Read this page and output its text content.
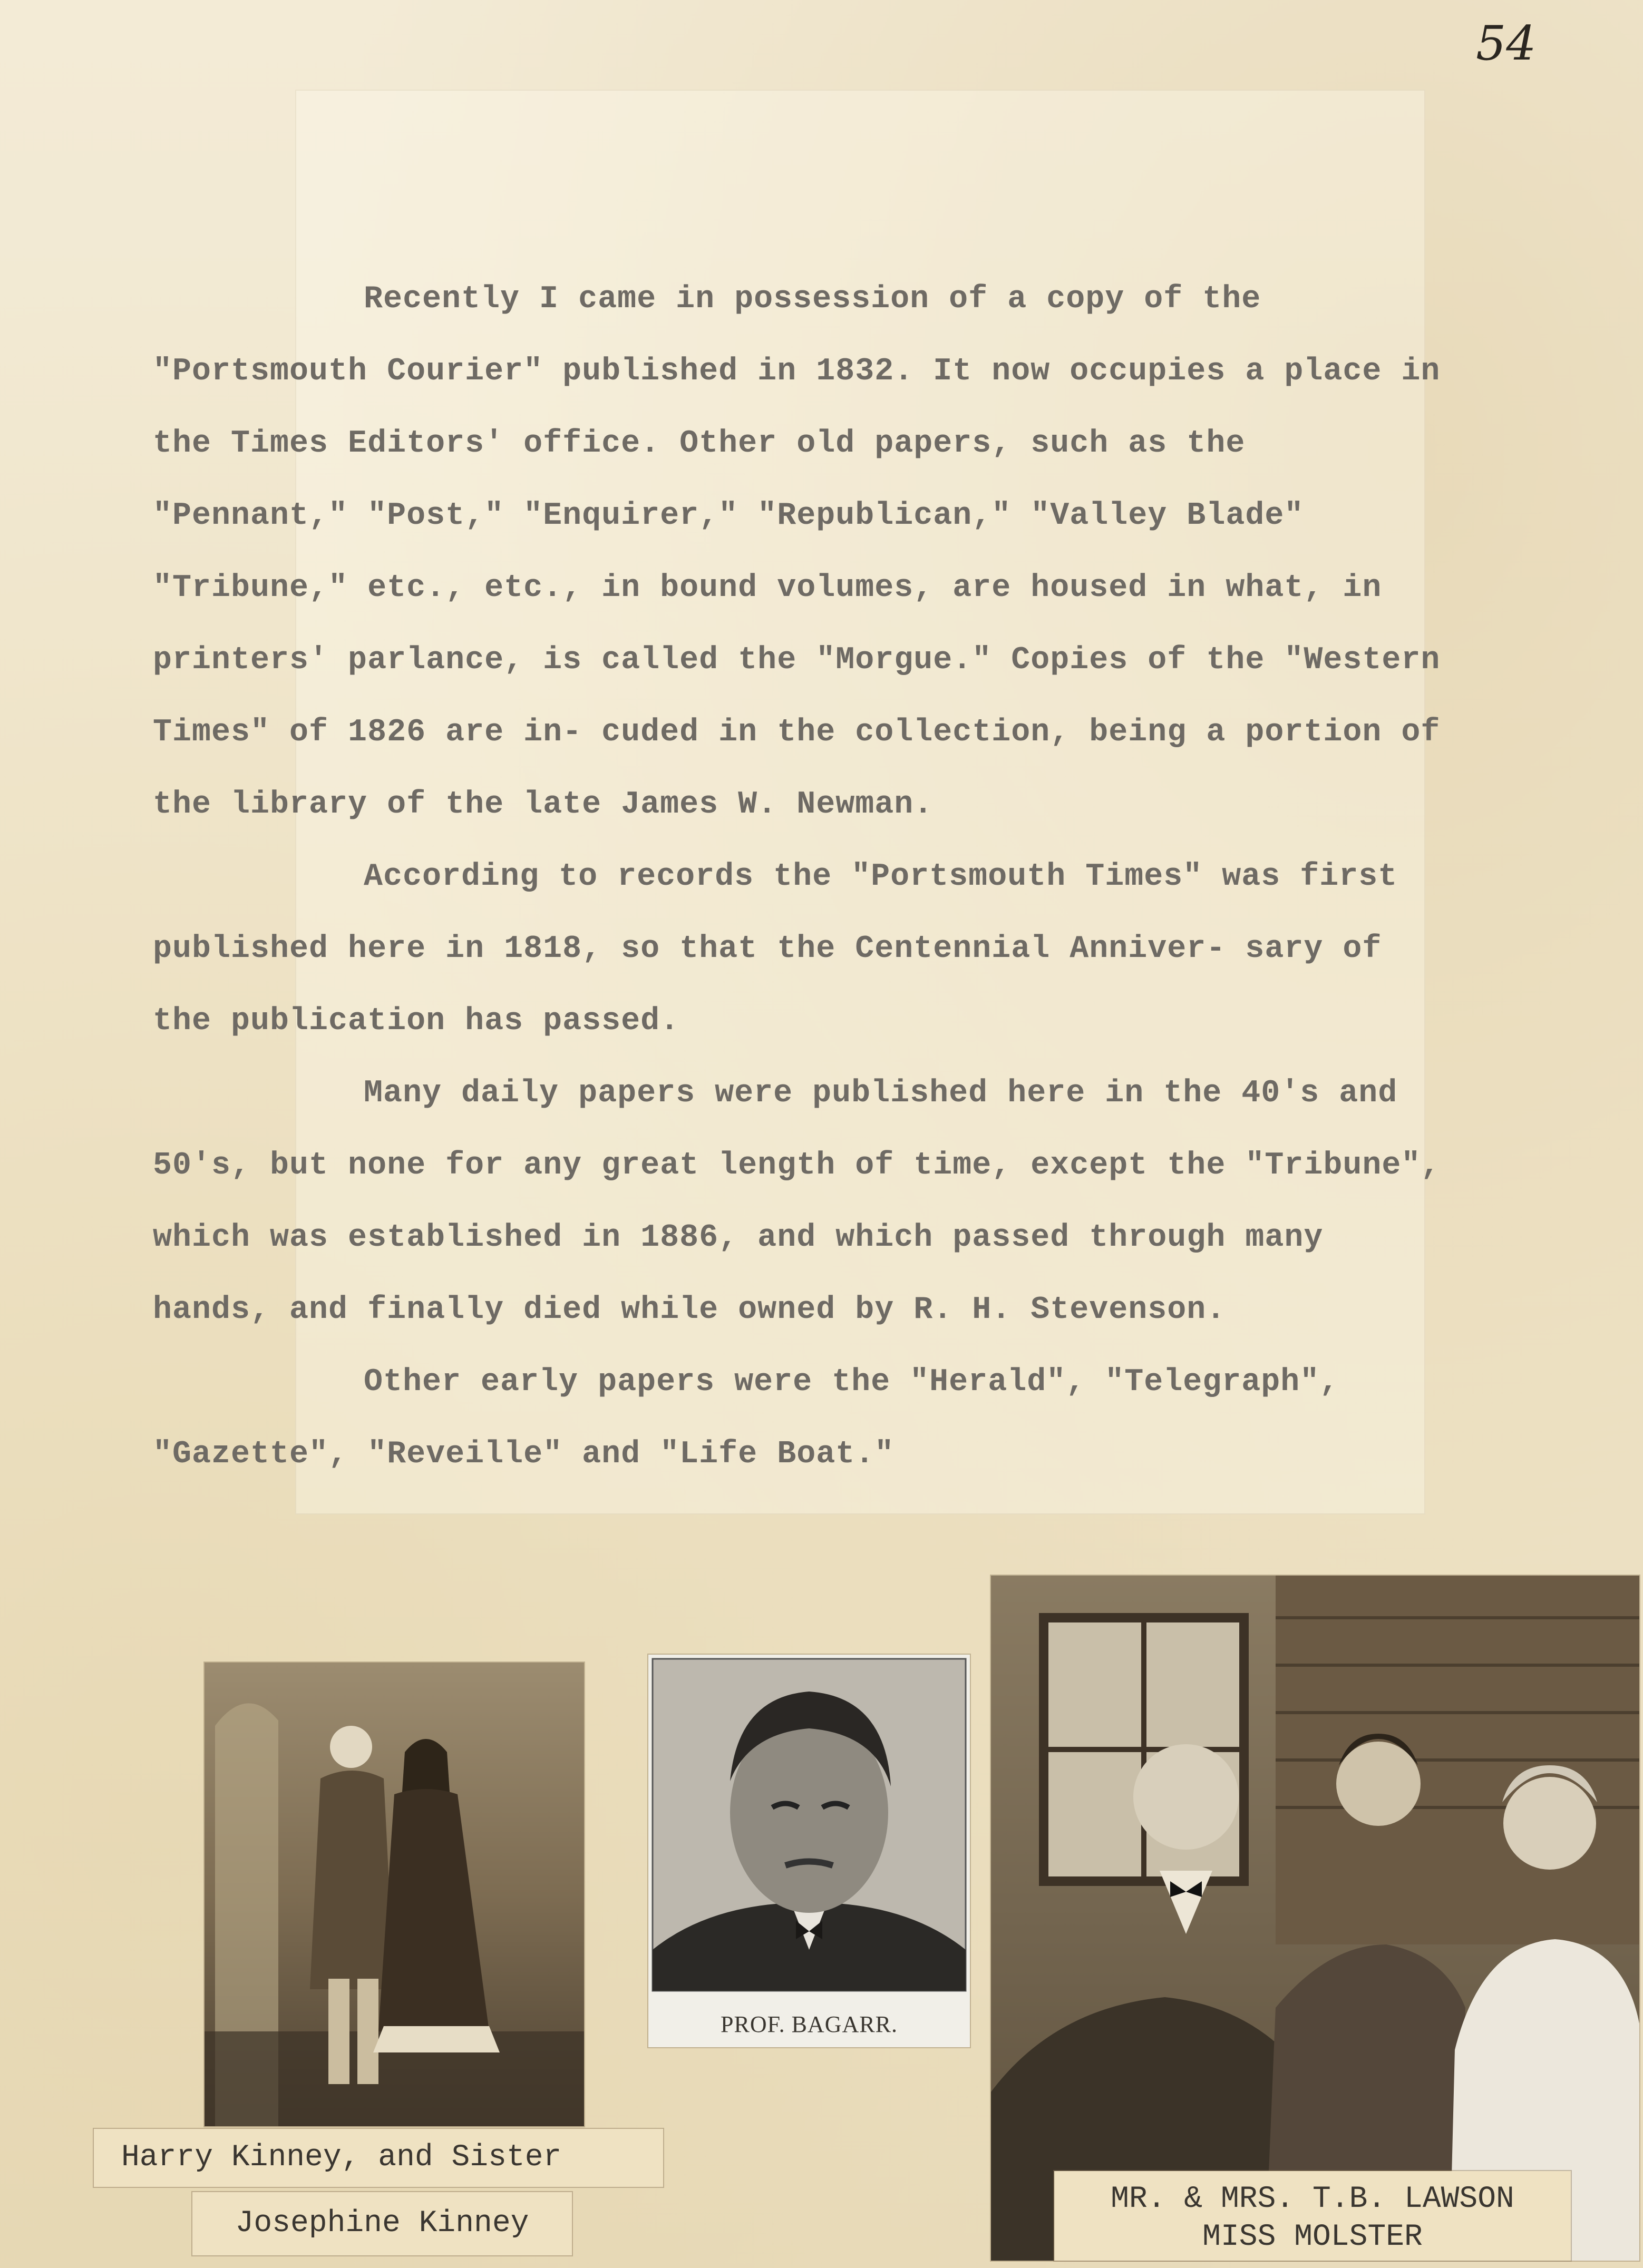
54

Recently I came in possession of a copy of the "Portsmouth Courier" published in 1832. It now occupies a place in the Times Editors' office. Other old papers, such as the "Pennant," "Post," "Enquirer," "Republican," "Valley Blade" "Tribune," etc., etc., in bound volumes, are housed in what, in printers' parlance, is called the "Morgue." Copies of the "Western Times" of 1826 are in- cuded in the collection, being a portion of the library of the late James W. Newman.

According to records the "Portsmouth Times" was first published here in 1818, so that the Centennial Anniver- sary of the publication has passed.

Many daily papers were published here in the 40's and 50's, but none for any great length of time, except the "Tribune", which was established in 1886, and which passed through many hands, and finally died while owned by R. H. Stevenson.

Other early papers were the "Herald", "Telegraph", "Gazette", "Reveille" and "Life Boat."

PROF. BAGARR.
Harry Kinney, and Sister
Josephine Kinney
MR. & MRS. T.B. LAWSON
MISS MOLSTER
